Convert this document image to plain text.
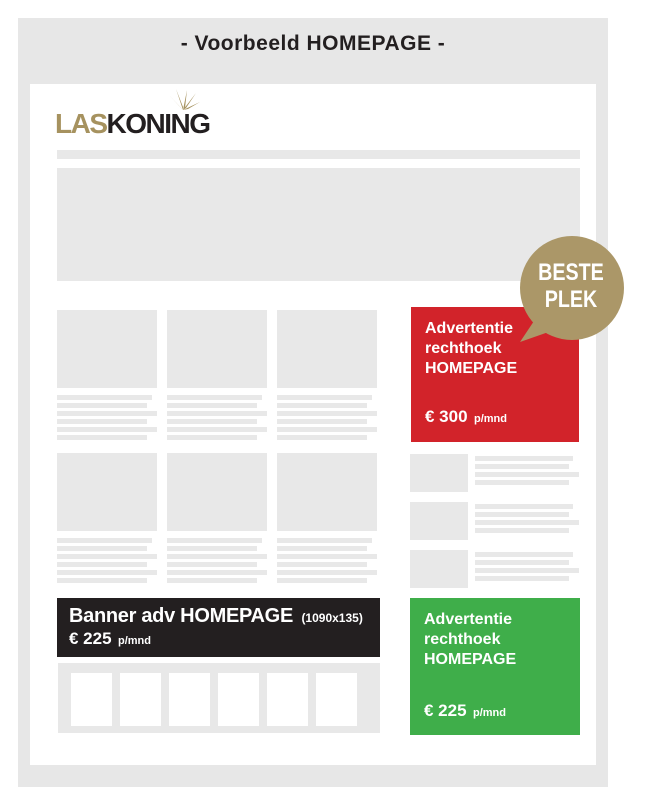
- Voorbeeld HOMEPAGE -
LASKONING
Advertentie
rechthoek
HOMEPAGE
€ 300 p/mnd
Banner adv HOMEPAGE (1090x135)
€ 225 p/mnd
Advertentie
rechthoek
HOMEPAGE
€ 225 p/mnd
BESTE
PLEK
